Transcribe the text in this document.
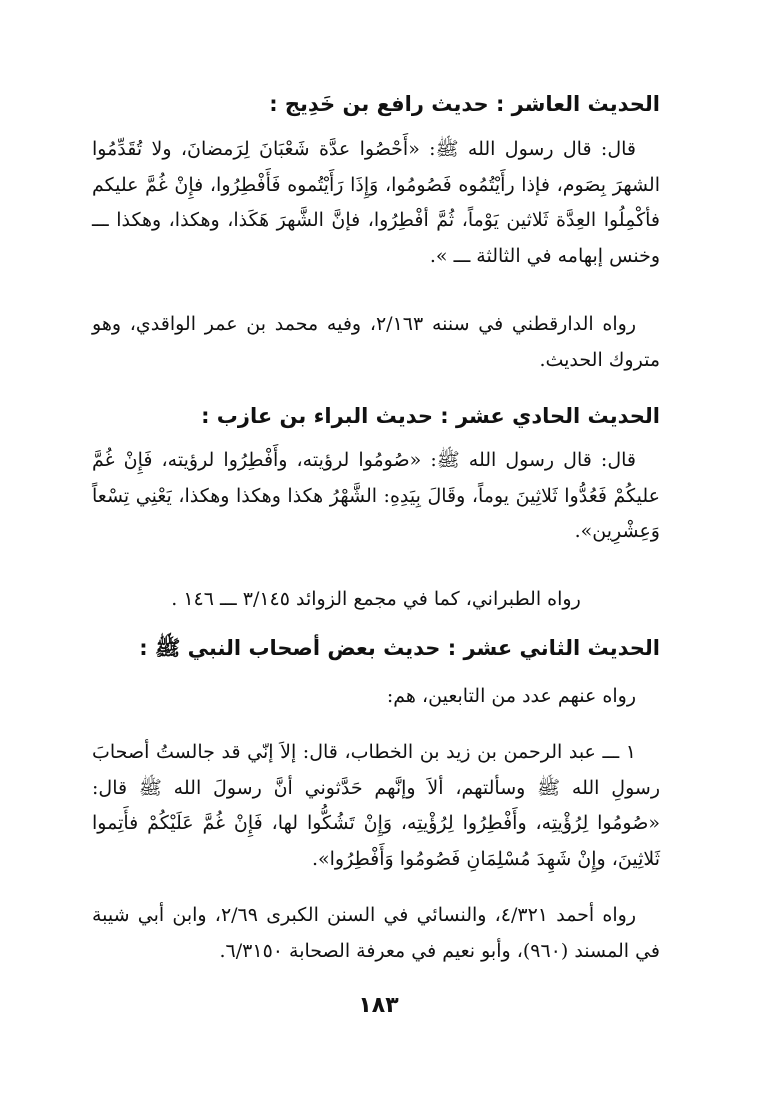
الحديث العاشر : حديث رافع بن خَدِيج :
قال: قال رسول الله ﷺ: «أَحْصُوا عدَّة شَعْبَانَ لِرَمضانَ، ولا تُقَدِّمُوا الشهرَ بِصَوم، فإذا رأَيْتُمُوه فَصُومُوا، وَإِذَا رَأَيْتُموه فَأَفْطِرُوا، فإِنْ غُمَّ عليكم فأكْمِلُوا العِدَّة ثَلاثين يَوْماً، ثُمَّ أفْطِرُوا، فإنَّ الشَّهرَ هَكَذا، وهكذا، وهكذا ـــ وخنس إبهامه في الثالثة ـــ ».
رواه الدارقطني في سننه ٢/١٦٣، وفيه محمد بن عمر الواقدي، وهو متروك الحديث.
الحديث الحادي عشر : حديث البراء بن عازب :
قال: قال رسول الله ﷺ: «صُومُوا لرؤيته، وأَفْطِرُوا لرؤيته، فَإِنْ غُمَّ عليكُمْ فَعُدُّوا ثَلاثِينَ يوماً، وقَالَ بِيَدِهِ: الشَّهْرُ هكذا وهكذا وهكذا، يَعْنِي تِسْعاً وَعِشْرِين».
رواه الطبراني، كما في مجمع الزوائد ٣/١٤٥ ـــ ١٤٦ .
الحديث الثاني عشر : حديث بعض أصحاب النبي ﷺ :
رواه عنهم عدد من التابعين، هم:
١ ـــ عبد الرحمن بن زيد بن الخطاب، قال: إلاَ إنّي قد جالستُ أصحابَ رسولِ الله ﷺ وسألتهم، ألاَ وإنَّهم حَدَّثوني أنَّ رسولَ الله ﷺ قال: «صُومُوا لِرُؤْيتِه، وأَفْطِرُوا لِرُؤْيتِه، وَإِنْ تَشُكُّوا لها، فَإِنْ غُمَّ عَلَيْكُمْ فأَتِموا ثَلاثِينَ، وإِنْ شَهِدَ مُسْلِمَانِ فَصُومُوا وَأَفْطِرُوا».
رواه أحمد ٤/٣٢١، والنسائي في السنن الكبرى ٢/٦٩، وابن أبي شيبة في المسند (٩٦٠)، وأبو نعيم في معرفة الصحابة ٦/٣١٥٠.
١٨٣
